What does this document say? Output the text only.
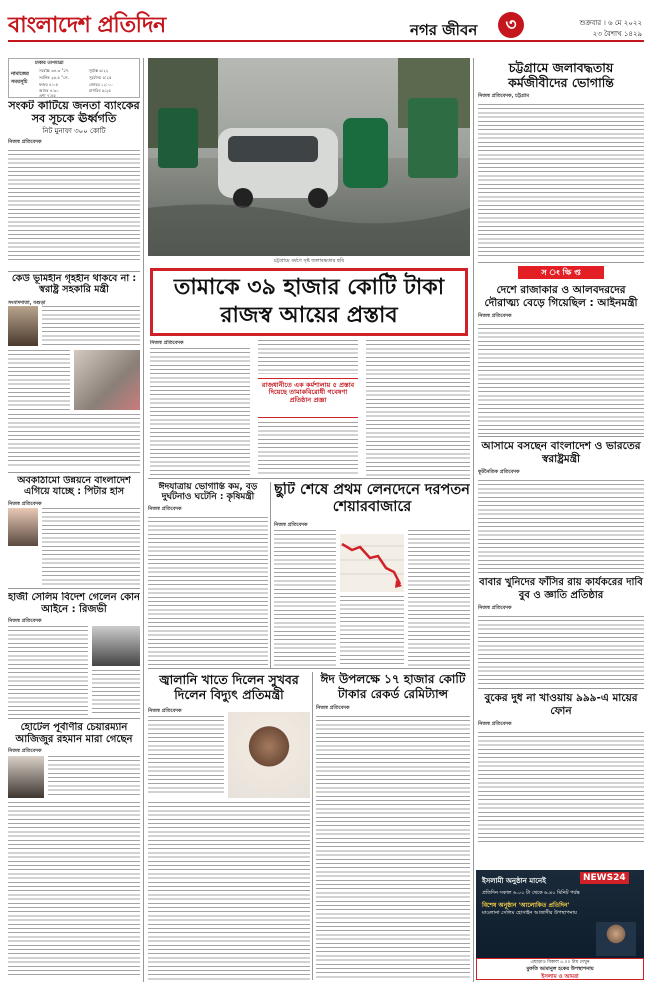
বাংলাদেশ প্রতিদিন	নগর জীবন	৩	শুক্রবার । ৬ মে ২০২২
২৩ বৈশাখ ১৪২৯
ঢাকার তাপমাত্রা
নামাজের
সময়সূচি
সর্বোচ্চ ৩৪.৩ °সে.	সূর্যাস্ত ৬:২২
সর্বনিম্ন ২৬.৫ °সে.	সূর্যোদয় ৫:২৫
ফজর ৪:০৫	জোহর ১২:০০
আসর ৪:৩০	মাগরিব ৬:২৫
এশা ৭:৪৫
সংকট কাটিয়ে জনতা ব্যাংকের সব সূচকে ঊর্ধ্বগতি
নিট মুনাফা ৩০০ কোটি
নিজস্ব প্রতিবেদক
কেউ ভূমিহীন গৃহহীন থাকবে না : স্বরাষ্ট্র সহকারি মন্ত্রী
সংবাদদাতা, বগুড়া
অবকাঠামো উন্নয়নে বাংলাদেশ এগিয়ে যাচ্ছে : পিটার হাস
নিজস্ব প্রতিবেদক
হাজী সেলিম বিদেশ গেলেন কোন আইনে : রিজভী
নিজস্ব প্রতিবেদক
হোটেল পূর্বাণীর চেয়ারম্যান আজিজুর রহমান মারা গেছেন
নিজস্ব প্রতিবেদক
চট্টগ্রামে বর্ষণে সৃষ্ট জলাবদ্ধতার ছবি
তামাকে ৩৯ হাজার কোটি টাকা রাজস্ব আয়ের প্রস্তাব
নিজস্ব প্রতিবেদক
রাজধানীতে এক কর্মশালায় ৫ প্রস্তাব দিয়েছে তামাকবিরোধী গবেষণা প্রতিষ্ঠান প্রজ্ঞা
ঈদযাত্রায় ভোগান্তি কম, বড় দুর্ঘটনাও ঘটেনি : কৃষিমন্ত্রী
নিজস্ব প্রতিবেদক
ছুটি শেষে প্রথম লেনদেনে দরপতন শেয়ারবাজারে
নিজস্ব প্রতিবেদক
জ্বালানি খাতে দিলেন সুখবর দিলেন বিদ্যুৎ প্রতিমন্ত্রী
নিজস্ব প্রতিবেদক
ঈদ উপলক্ষে ১৭ হাজার কোটি টাকার রেকর্ড রেমিট্যান্স
নিজস্ব প্রতিবেদক
চট্টগ্রামে জলাবদ্ধতায় কর্মজীবীদের ভোগান্তি
নিজস্ব প্রতিবেদক, চট্টগ্রাম
স ং ক্ষি প্ত
দেশে রাজাকার ও আলবদরদের দৌরাত্ম্য বেড়ে গিয়েছিল : আইনমন্ত্রী
নিজস্ব প্রতিবেদক
আসামে বসছেন বাংলাদেশ ও ভারতের স্বরাষ্ট্রমন্ত্রী
কূটনৈতিক প্রতিবেদক
বাবার খুনিদের ফাঁসির রায় কার্যকরের দাবি বুব ও জ্ঞাতি প্রতিষ্ঠার
নিজস্ব প্রতিবেদক
বুকের দুধ না খাওয়ায় ৯৯৯-এ মায়ের ফোন
নিজস্ব প্রতিবেদক
ইসলামী অনুষ্ঠান মানেই	NEWS24
প্রতিদিন সকাল ৬.০০ টা থেকে ৬.৪০ মিনিট পর্যন্ত
বিশেষ অনুষ্ঠান 'আলোকিত প্রতিদিন'
মাওলানা সেলিম হোসাইন আজাদীর উপস্থাপনায়
এছাড়াও বিকাল ৫.০০ টায় দেখুন
মুফতি আমানুল হকের উপস্থাপনায়
ইসলাম ও আমরা
